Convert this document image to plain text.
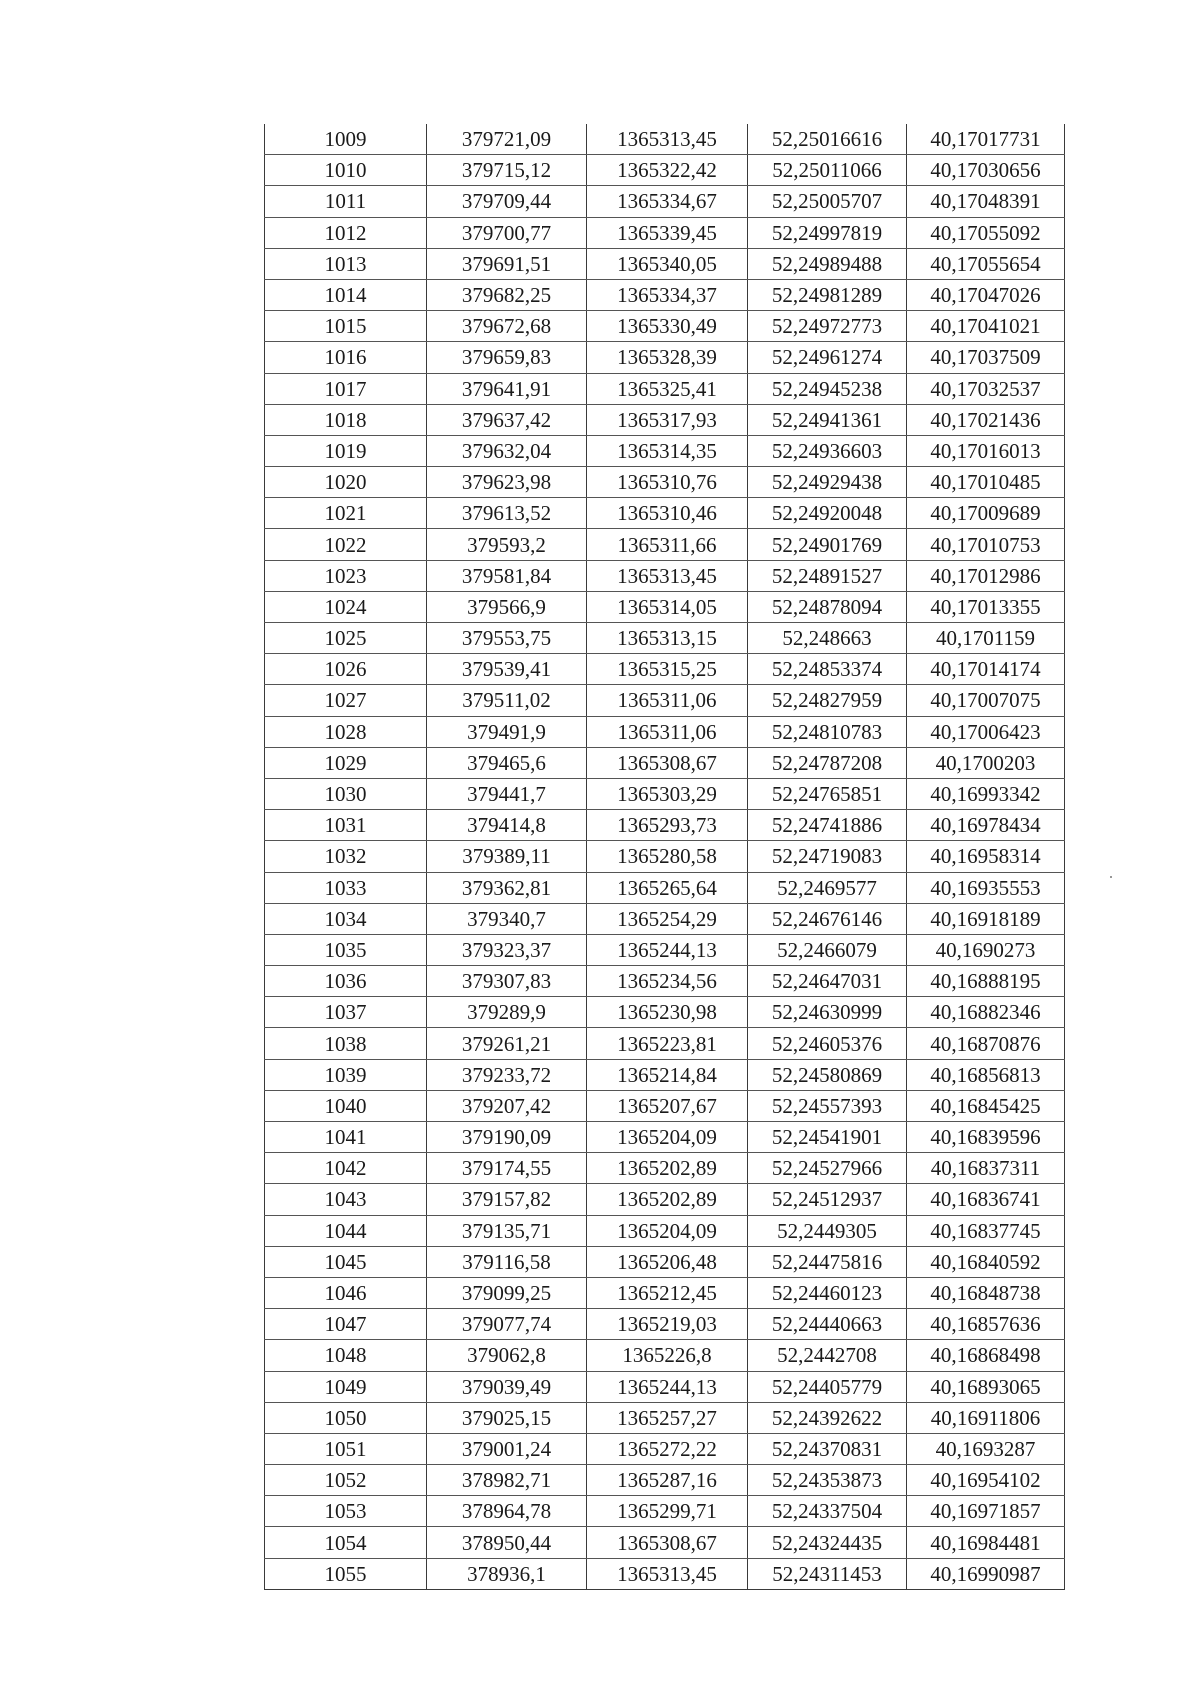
1009	379721,09	1365313,45	52,25016616	40,17017731
1010	379715,12	1365322,42	52,25011066	40,17030656
1011	379709,44	1365334,67	52,25005707	40,17048391
1012	379700,77	1365339,45	52,24997819	40,17055092
1013	379691,51	1365340,05	52,24989488	40,17055654
1014	379682,25	1365334,37	52,24981289	40,17047026
1015	379672,68	1365330,49	52,24972773	40,17041021
1016	379659,83	1365328,39	52,24961274	40,17037509
1017	379641,91	1365325,41	52,24945238	40,17032537
1018	379637,42	1365317,93	52,24941361	40,17021436
1019	379632,04	1365314,35	52,24936603	40,17016013
1020	379623,98	1365310,76	52,24929438	40,17010485
1021	379613,52	1365310,46	52,24920048	40,17009689
1022	379593,2	1365311,66	52,24901769	40,17010753
1023	379581,84	1365313,45	52,24891527	40,17012986
1024	379566,9	1365314,05	52,24878094	40,17013355
1025	379553,75	1365313,15	52,248663	40,1701159
1026	379539,41	1365315,25	52,24853374	40,17014174
1027	379511,02	1365311,06	52,24827959	40,17007075
1028	379491,9	1365311,06	52,24810783	40,17006423
1029	379465,6	1365308,67	52,24787208	40,1700203
1030	379441,7	1365303,29	52,24765851	40,16993342
1031	379414,8	1365293,73	52,24741886	40,16978434
1032	379389,11	1365280,58	52,24719083	40,16958314
1033	379362,81	1365265,64	52,2469577	40,16935553
1034	379340,7	1365254,29	52,24676146	40,16918189
1035	379323,37	1365244,13	52,2466079	40,1690273
1036	379307,83	1365234,56	52,24647031	40,16888195
1037	379289,9	1365230,98	52,24630999	40,16882346
1038	379261,21	1365223,81	52,24605376	40,16870876
1039	379233,72	1365214,84	52,24580869	40,16856813
1040	379207,42	1365207,67	52,24557393	40,16845425
1041	379190,09	1365204,09	52,24541901	40,16839596
1042	379174,55	1365202,89	52,24527966	40,16837311
1043	379157,82	1365202,89	52,24512937	40,16836741
1044	379135,71	1365204,09	52,2449305	40,16837745
1045	379116,58	1365206,48	52,24475816	40,16840592
1046	379099,25	1365212,45	52,24460123	40,16848738
1047	379077,74	1365219,03	52,24440663	40,16857636
1048	379062,8	1365226,8	52,2442708	40,16868498
1049	379039,49	1365244,13	52,24405779	40,16893065
1050	379025,15	1365257,27	52,24392622	40,16911806
1051	379001,24	1365272,22	52,24370831	40,1693287
1052	378982,71	1365287,16	52,24353873	40,16954102
1053	378964,78	1365299,71	52,24337504	40,16971857
1054	378950,44	1365308,67	52,24324435	40,16984481
1055	378936,1	1365313,45	52,24311453	40,16990987
